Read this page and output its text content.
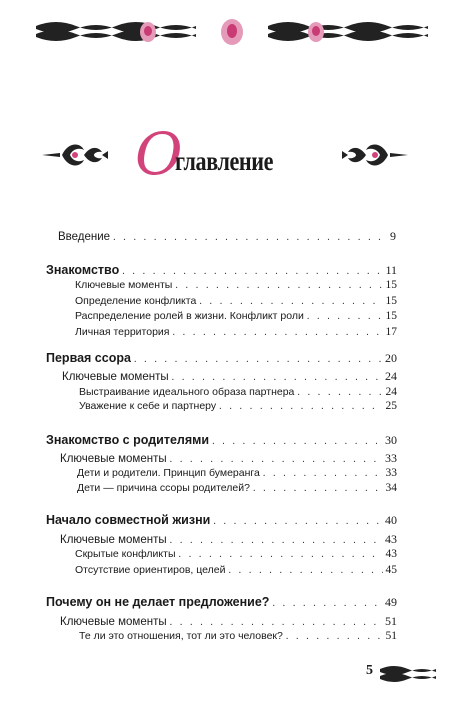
О
главление
Введение . . .	9
Знакомство . . .	11
Ключевые моменты . . .	15
Определение конфликта . . .	15
Распределение ролей в жизни. Конфликт роли . . .	15
Личная территория . . .	17
Первая ссора . . .	20
Ключевые моменты . . .	24
Выстраивание идеального образа партнера . . .	24
Уважение к себе и партнеру . . .	25
Знакомство с родителями . . .	30
Ключевые моменты . . .	33
Дети и родители. Принцип бумеранга . . .	33
Дети — причина ссоры родителей? . . .	34
Начало совместной жизни . . .	40
Ключевые моменты . . .	43
Скрытые конфликты . . .	43
Отсутствие ориентиров, целей . . .	45
Почему он не делает предложение? . . .	49
Ключевые моменты . . .	51
Те ли это отношения, тот ли это человек? . . .	51
5
